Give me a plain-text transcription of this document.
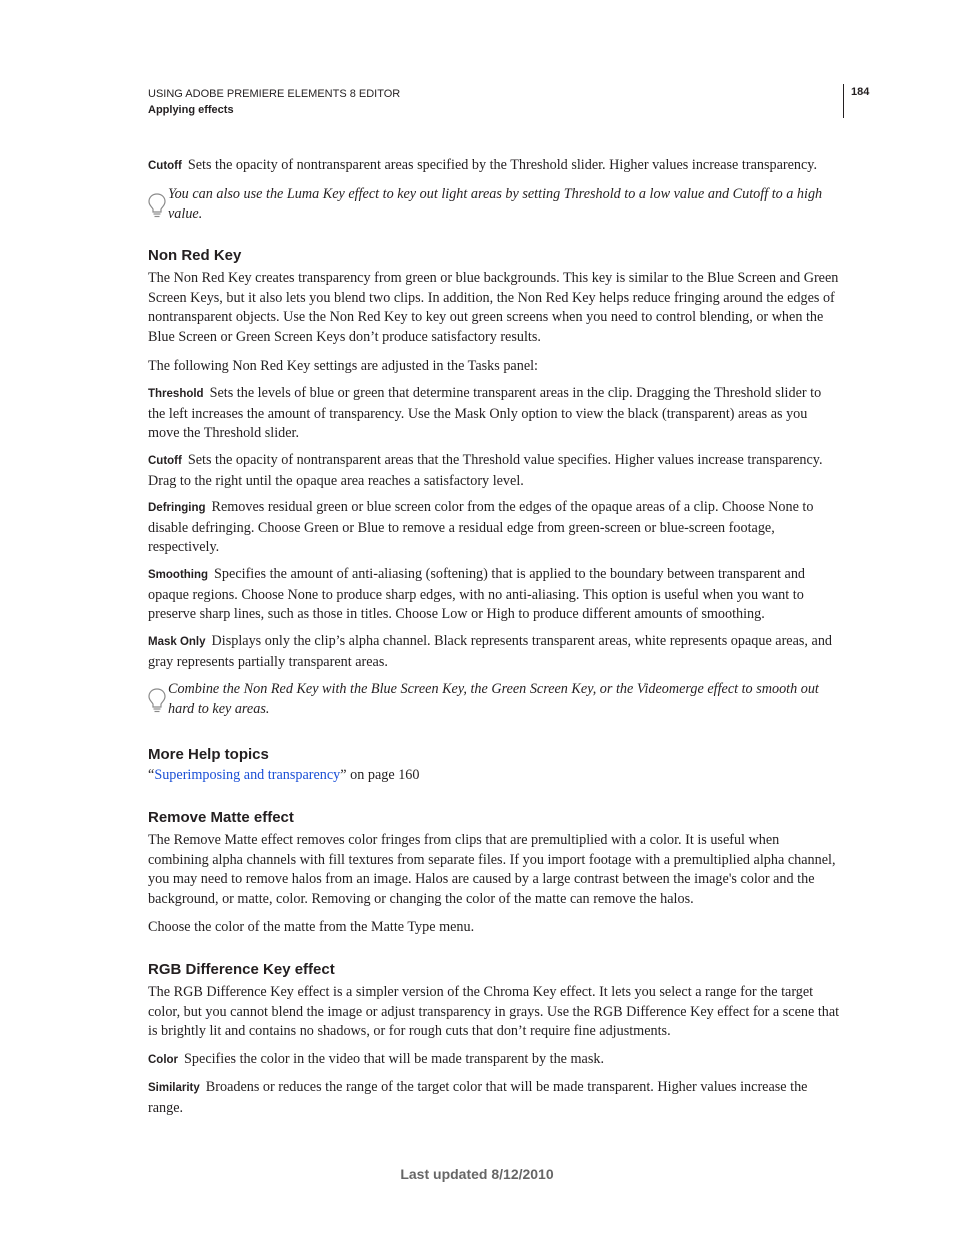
USING ADOBE PREMIERE ELEMENTS 8 EDITOR
Applying effects
184
Cutoff Sets the opacity of nontransparent areas specified by the Threshold slider. Higher values increase transparency.
You can also use the Luma Key effect to key out light areas by setting Threshold to a low value and Cutoff to a high value.
Non Red Key
The Non Red Key creates transparency from green or blue backgrounds. This key is similar to the Blue Screen and Green Screen Keys, but it also lets you blend two clips. In addition, the Non Red Key helps reduce fringing around the edges of nontransparent objects. Use the Non Red Key to key out green screens when you need to control blending, or when the Blue Screen or Green Screen Keys don’t produce satisfactory results.
The following Non Red Key settings are adjusted in the Tasks panel:
Threshold Sets the levels of blue or green that determine transparent areas in the clip. Dragging the Threshold slider to the left increases the amount of transparency. Use the Mask Only option to view the black (transparent) areas as you move the Threshold slider.
Cutoff Sets the opacity of nontransparent areas that the Threshold value specifies. Higher values increase transparency. Drag to the right until the opaque area reaches a satisfactory level.
Defringing Removes residual green or blue screen color from the edges of the opaque areas of a clip. Choose None to disable defringing. Choose Green or Blue to remove a residual edge from green-screen or blue-screen footage, respectively.
Smoothing Specifies the amount of anti-aliasing (softening) that is applied to the boundary between transparent and opaque regions. Choose None to produce sharp edges, with no anti-aliasing. This option is useful when you want to preserve sharp lines, such as those in titles. Choose Low or High to produce different amounts of smoothing.
Mask Only Displays only the clip’s alpha channel. Black represents transparent areas, white represents opaque areas, and gray represents partially transparent areas.
Combine the Non Red Key with the Blue Screen Key, the Green Screen Key, or the Videomerge effect to smooth out hard to key areas.
More Help topics
“Superimposing and transparency” on page 160
Remove Matte effect
The Remove Matte effect removes color fringes from clips that are premultiplied with a color. It is useful when combining alpha channels with fill textures from separate files. If you import footage with a premultiplied alpha channel, you may need to remove halos from an image. Halos are caused by a large contrast between the image's color and the background, or matte, color. Removing or changing the color of the matte can remove the halos.
Choose the color of the matte from the Matte Type menu.
RGB Difference Key effect
The RGB Difference Key effect is a simpler version of the Chroma Key effect. It lets you select a range for the target color, but you cannot blend the image or adjust transparency in grays. Use the RGB Difference Key effect for a scene that is brightly lit and contains no shadows, or for rough cuts that don’t require fine adjustments.
Color Specifies the color in the video that will be made transparent by the mask.
Similarity Broadens or reduces the range of the target color that will be made transparent. Higher values increase the range.
Last updated 8/12/2010
